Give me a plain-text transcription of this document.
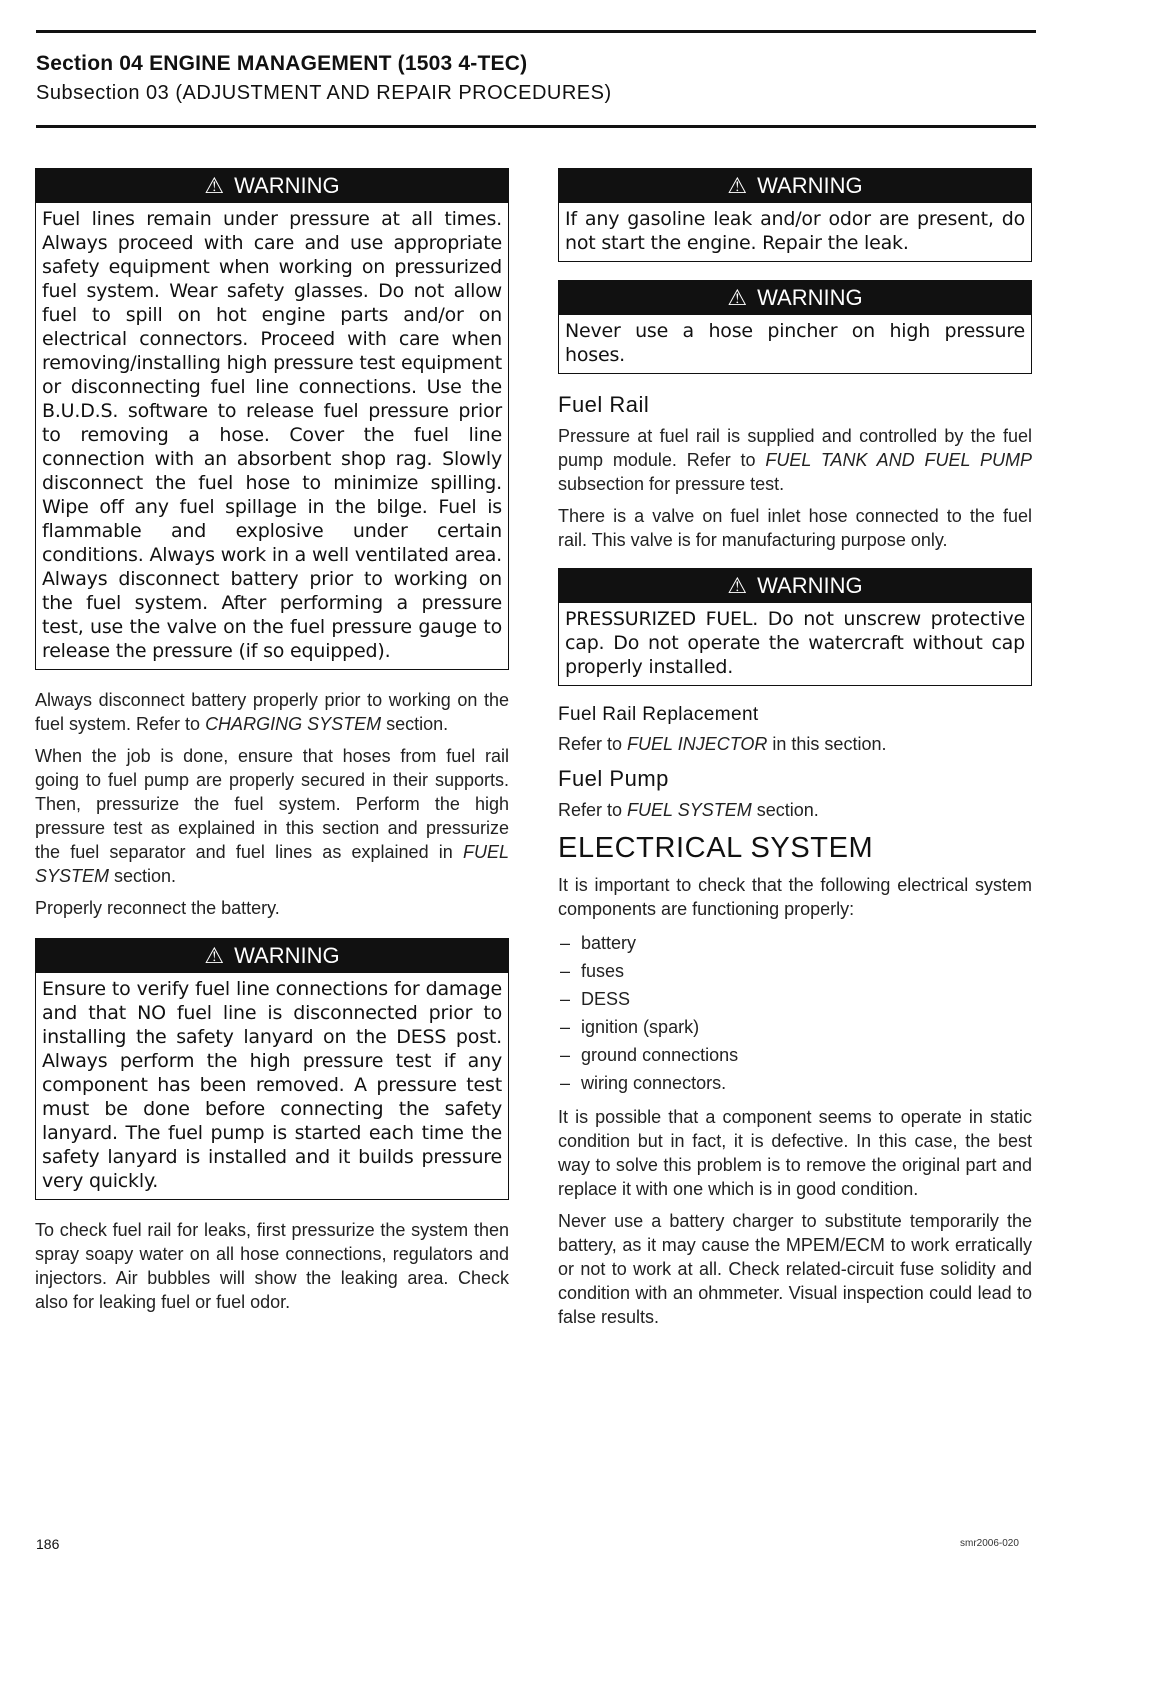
Section 04 ENGINE MANAGEMENT (1503 4-TEC)
Subsection 03 (ADJUSTMENT AND REPAIR PROCEDURES)
⚠ WARNING
Fuel lines remain under pressure at all times. Always proceed with care and use appropriate safety equipment when working on pressurized fuel system. Wear safety glasses. Do not allow fuel to spill on hot engine parts and/or on electrical connectors. Proceed with care when removing/installing high pressure test equipment or disconnecting fuel line connections. Use the B.U.D.S. software to release fuel pressure prior to removing a hose. Cover the fuel line connection with an absorbent shop rag. Slowly disconnect the fuel hose to minimize spilling. Wipe off any fuel spillage in the bilge. Fuel is flammable and explosive under certain conditions. Always work in a well ventilated area. Always disconnect battery prior to working on the fuel system. After performing a pressure test, use the valve on the fuel pressure gauge to release the pressure (if so equipped).

Always disconnect battery properly prior to working on the fuel system. Refer to CHARGING SYSTEM section.

When the job is done, ensure that hoses from fuel rail going to fuel pump are properly secured in their supports. Then, pressurize the fuel system. Perform the high pressure test as explained in this section and pressurize the fuel separator and fuel lines as explained in FUEL SYSTEM section.

Properly reconnect the battery.

⚠ WARNING
Ensure to verify fuel line connections for damage and that NO fuel line is disconnected prior to installing the safety lanyard on the DESS post. Always perform the high pressure test if any component has been removed. A pressure test must be done before connecting the safety lanyard. The fuel pump is started each time the safety lanyard is installed and it builds pressure very quickly.

To check fuel rail for leaks, first pressurize the system then spray soapy water on all hose connections, regulators and injectors. Air bubbles will show the leaking area. Check also for leaking fuel or fuel odor.

⚠ WARNING
If any gasoline leak and/or odor are present, do not start the engine. Repair the leak.
⚠ WARNING
Never use a hose pincher on high pressure hoses.
Fuel Rail

Pressure at fuel rail is supplied and controlled by the fuel pump module. Refer to FUEL TANK AND FUEL PUMP subsection for pressure test.

There is a valve on fuel inlet hose connected to the fuel rail. This valve is for manufacturing purpose only.

⚠ WARNING
PRESSURIZED FUEL. Do not unscrew protective cap. Do not operate the watercraft without cap properly installed.
Fuel Rail Replacement

Refer to FUEL INJECTOR in this section.

Fuel Pump

Refer to FUEL SYSTEM section.

ELECTRICAL SYSTEM

It is important to check that the following electrical system components are functioning properly:

– battery
– fuses
– DESS
– ignition (spark)
– ground connections
– wiring connectors.

It is possible that a component seems to operate in static condition but in fact, it is defective. In this case, the best way to solve this problem is to remove the original part and replace it with one which is in good condition.

Never use a battery charger to substitute temporarily the battery, as it may cause the MPEM/ECM to work erratically or not to work at all. Check related-circuit fuse solidity and condition with an ohmmeter. Visual inspection could lead to false results.

186	smr2006-020
